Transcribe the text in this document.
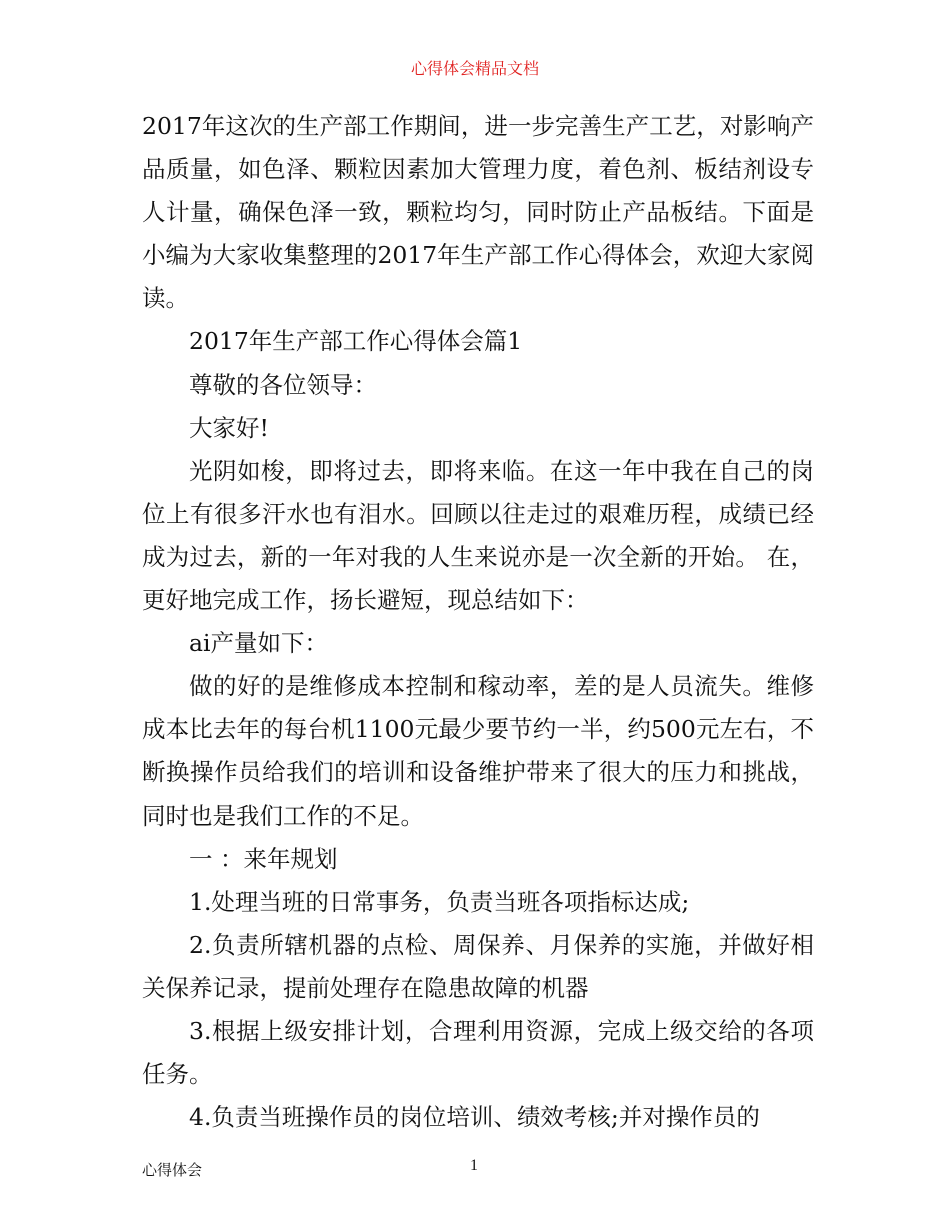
心得体会精品文档

2017年这次的生产部工作期间，进一步完善生产工艺，对影响产品质量，如色泽、颗粒因素加大管理力度，着色剂、板结剂设专人计量，确保色泽一致，颗粒均匀，同时防止产品板结。下面是小编为大家收集整理的2017年生产部工作心得体会，欢迎大家阅读。

2017年生产部工作心得体会篇1

尊敬的各位领导：

大家好!

光阴如梭，即将过去，即将来临。在这一年中我在自己的岗位上有很多汗水也有泪水。回顾以往走过的艰难历程，成绩已经成为过去，新的一年对我的人生来说亦是一次全新的开始。 在，更好地完成工作，扬长避短，现总结如下：

ai产量如下：

做的好的是维修成本控制和稼动率，差的是人员流失。维修成本比去年的每台机1100元最少要节约一半，约500元左右，不断换操作员给我们的培训和设备维护带来了很大的压力和挑战，同时也是我们工作的不足。

一 ：来年规划

1.处理当班的日常事务，负责当班各项指标达成;

2.负责所辖机器的点检、周保养、月保养的实施，并做好相关保养记录，提前处理存在隐患故障的机器

3.根据上级安排计划，合理利用资源，完成上级交给的各项任务。

4.负责当班操作员的岗位培训、绩效考核;并对操作员的

心得体会	1
